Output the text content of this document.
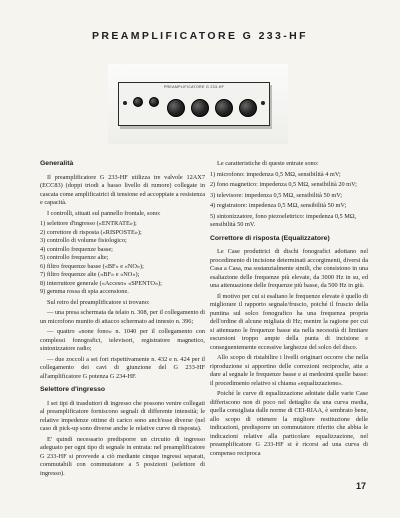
PREAMPLIFICATORE G 233-HF
PREAMPLIFICATORE G 233-HF
Generalità

Il preamplificatore G 233-HF utilizza tre valvole 12AX7 (ECC83) (doppi triodi a basso livello di rumore) collegate in cascata come amplificatrici di tensione ed accoppiate a resistenza e capacità.

I controlli, situati sul pannello frontale, sono:

1) selettore d'ingresso («ENTRATE»);
2) correttore di risposta («RISPOSTE»);
3) controllo di volume fisiologico;
4) controllo frequenze basse;
5) controllo frequenze alte;
6) filtro frequenze basse («BF» e «NO»);
7) filtro frequenze alte («BF» e «NO»);
8) interruttore generale («Acceso» «SPENTO»);
9) gemma rossa di spia accensione.

Sul retro del preamplificatore si trovano:

— una presa schermata da telaio n. 308, per il collegamento di un microfono munito di attacco schermato ad innesto n. 396;

— quattro «none fono» n. 1040 per il collegamento con complessi fonografici, televisori, registratore magnetico, sintonizzatore radio;

— due zoccoli a sei fori rispettivamente n. 432 e n. 424 per il collegamento dei cavi di giunzione del G 233-HF all'amplificatore G potenza G 234-HF.

Selettore d'ingresso

I sei tipi di trasduttori di ingresso che possono venire collegati al preamplificatore forniscono segnali di differente intensità; le relative impedenze ottime di carico sono anch'esse diverse (nel caso di pick-up sono diverse anche le relative curve di risposta).

E' quindi necessario predisporre un circuito di ingresso adeguato per ogni tipo di segnale in entrata: nel preamplificatore G 233-HF si provvede a ciò mediante cinque ingressi separati, commutabili con commutatore a 5 posizioni (selettore di ingresso).

Le caratteristiche di queste entrate sono:

1) microfono: impedenza 0,5 MΩ, sensibilità 4 mV;
2) fono magnetico: impedenza 0,5 MΩ, sensibilità 20 mV;
3) televisore: impedenza 0,5 MΩ, sensibilità 50 mV;
4) registratore: impedenza 0,5 MΩ, sensibilità 50 mV;
5) sintonizzatore, fono piezoelettrico: impedenza 0,5 MΩ, sensibilità 50 mV.
Correttore di risposta (Equalizzatore)

Le Case produttrici di dischi fonografici adottano nel procedimento di incisione determinati accorgimenti, diversi da Casa a Casa, ma sostanzialmente simili, che consistono in una esaltazione delle frequenze più elevate, da 3000 Hz in su, ed una attenuazione delle frequenze più basse, da 500 Hz in giù.

Il motivo per cui si esaltano le frequenze elevate è quello di migliorare il rapporto segnale/fruscio, poiché il fruscio della puntina sul solco fonografico ha una frequenza propria dell'ordine di alcune migliaia di Hz; mentre la ragione per cui si attenuano le frequenze basse sta nella necessità di limitare escursioni troppo ampie della punta di incisione e conseguentemente eccessive larghezze del solco del disco.

Allo scopo di ristabilire i livelli originari occorre che nella riproduzione si apportino delle correzioni reciproche, atte a dare al segnale le frequenze basse e ai medesimi quelle basse: il procedimento relativo si chiama «equalizzazione».

Poiché le curve di equalizzazione adottate dalle varie Case differiscono non di poco nel dettaglio da una curva media, quella consigliata dalle norme di CEI-RIAA, è sembrato bene, allo scopo di ottenere la migliore restituzione delle indicazioni, predisporre un commutatore riferito che abbia le indicazioni relative alla particolare equalizzazione, nel preamplificatore G 233-HF si è ricorsi ad una curva di compenso reciproca

17
